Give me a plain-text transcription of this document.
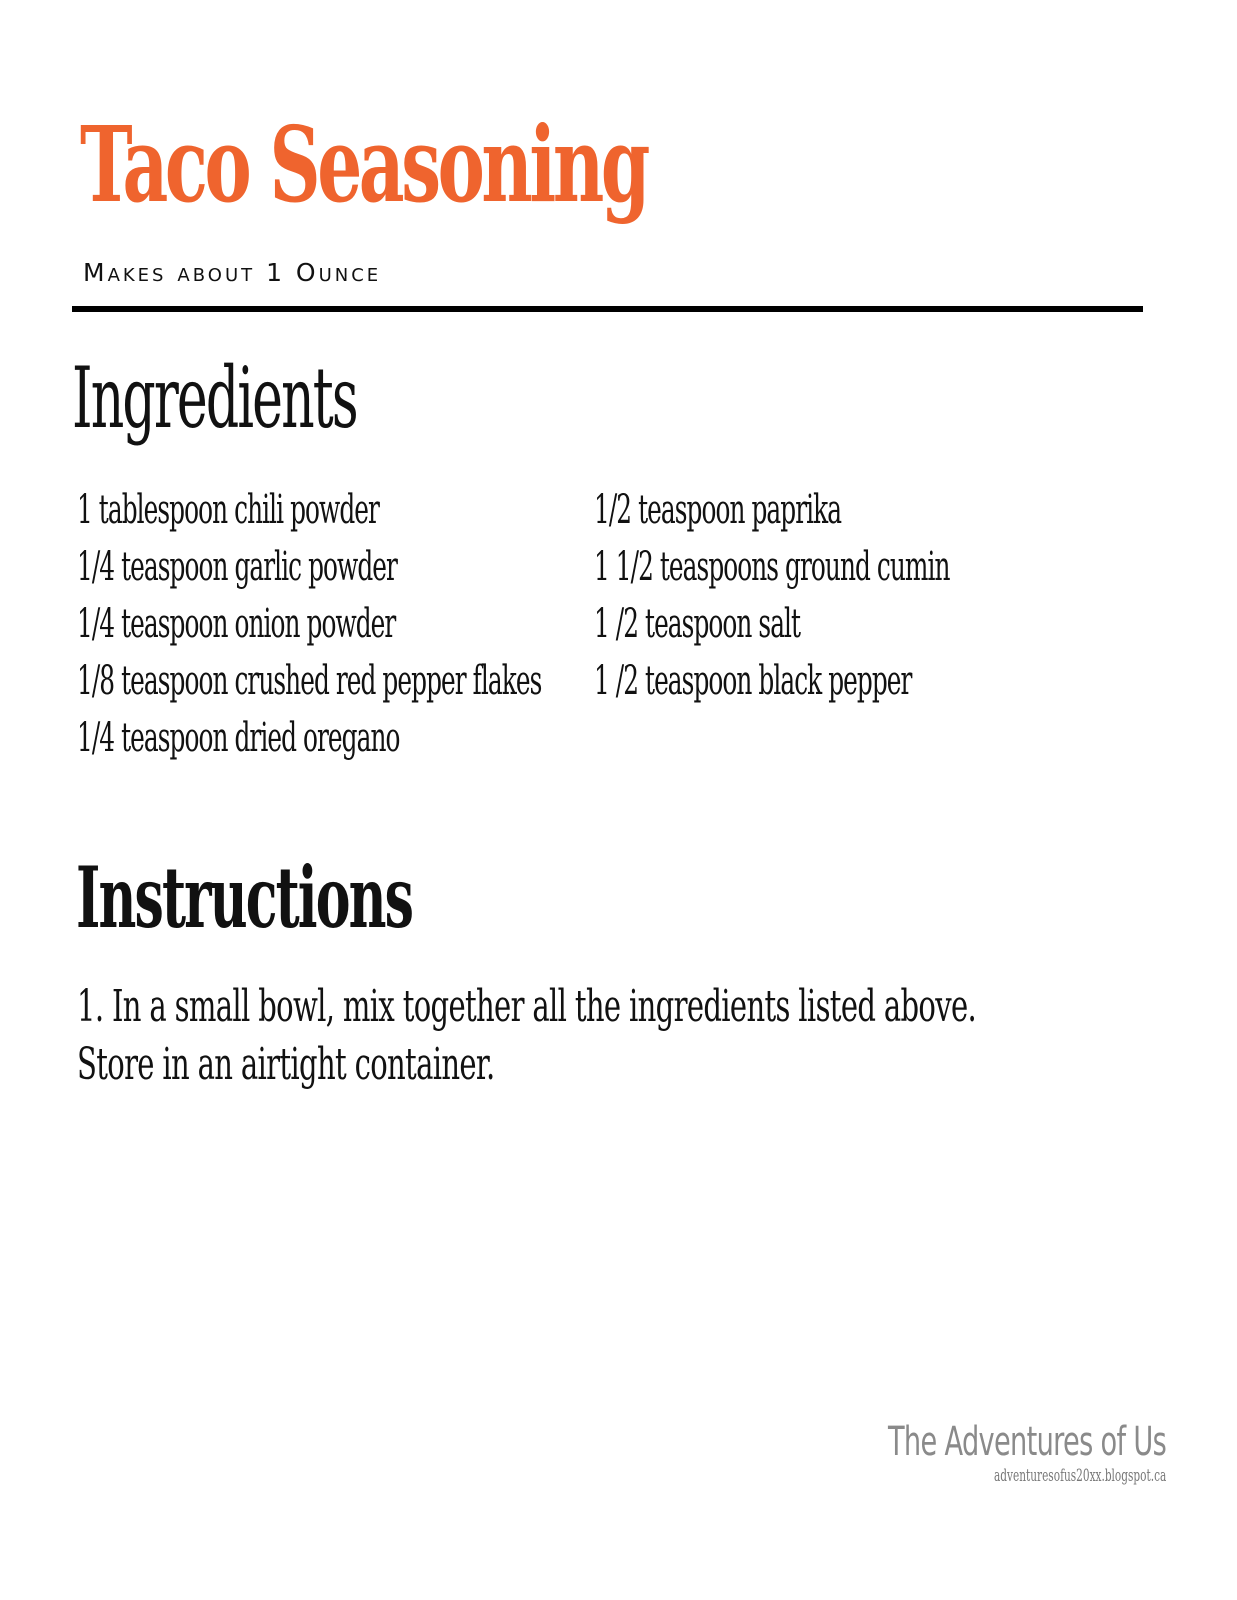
Taco Seasoning

Makes about 1 Ounce

Ingredients
1 tablespoon chili powder
1/4 teaspoon garlic powder
1/4 teaspoon onion powder
1/8 teaspoon crushed red pepper flakes
1/4 teaspoon dried oregano
1/2 teaspoon paprika
1 1/2 teaspoons ground cumin
1 /2 teaspoon salt
1 /2 teaspoon black pepper
Instructions

1. In a small bowl, mix together all the ingredients listed above.

Store in an airtight container.

The Adventures of Us

adventuresofus20xx.blogspot.ca
